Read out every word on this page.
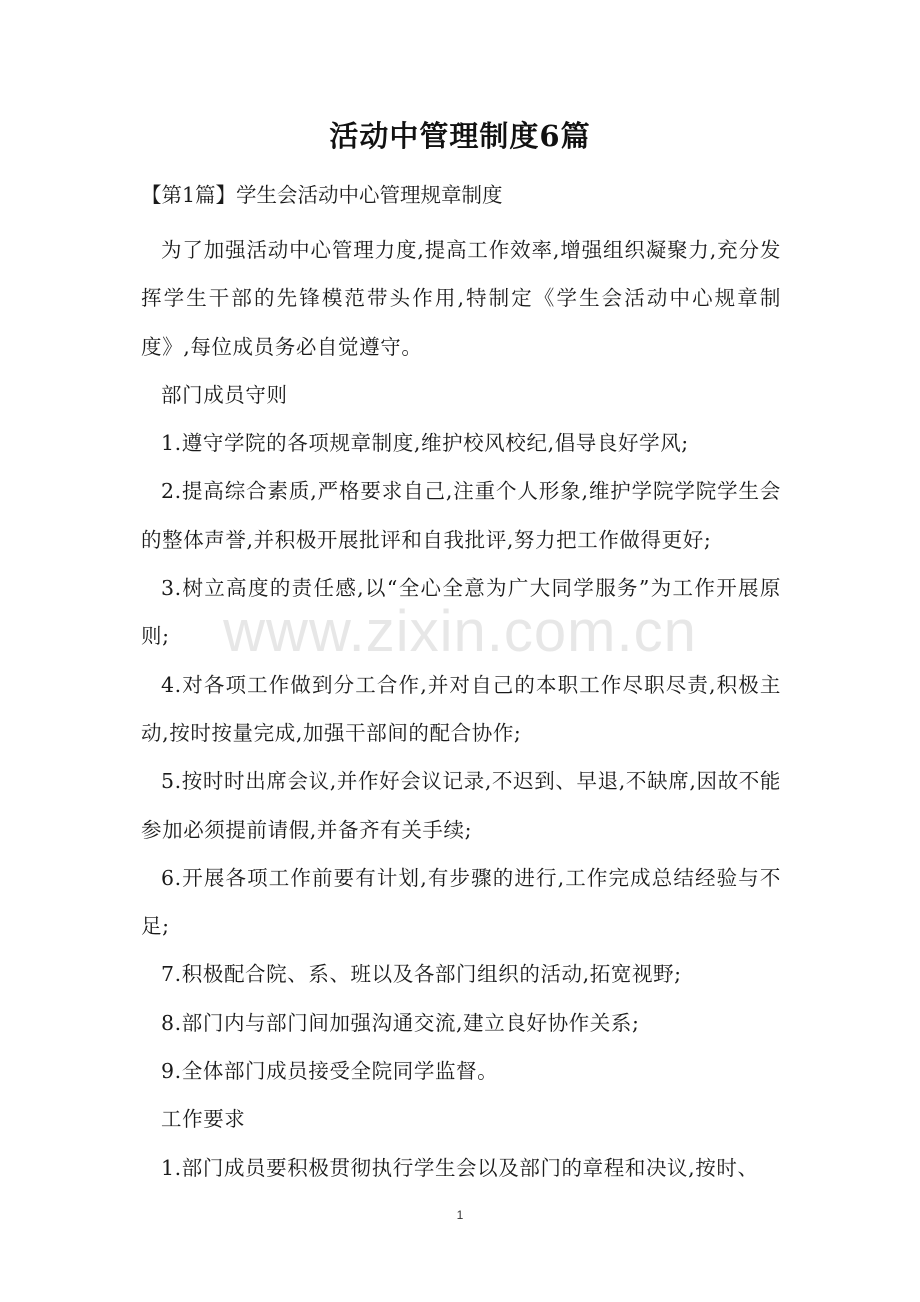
活动中管理制度6篇
【第1篇】学生会活动中心管理规章制度

为了加强活动中心管理力度,提高工作效率,增强组织凝聚力,充分发挥学生干部的先锋模范带头作用,特制定《学生会活动中心规章制度》,每位成员务必自觉遵守。

部门成员守则

1.遵守学院的各项规章制度,维护校风校纪,倡导良好学风;

2.提高综合素质,严格要求自己,注重个人形象,维护学院学院学生会的整体声誉,并积极开展批评和自我批评,努力把工作做得更好;

3.树立高度的责任感,以“全心全意为广大同学服务”为工作开展原则;

4.对各项工作做到分工合作,并对自己的本职工作尽职尽责,积极主动,按时按量完成,加强干部间的配合协作;

5.按时时出席会议,并作好会议记录,不迟到、早退,不缺席,因故不能参加必须提前请假,并备齐有关手续;

6.开展各项工作前要有计划,有步骤的进行,工作完成总结经验与不足;

7.积极配合院、系、班以及各部门组织的活动,拓宽视野;

8.部门内与部门间加强沟通交流,建立良好协作关系;

9.全体部门成员接受全院同学监督。

工作要求

1.部门成员要积极贯彻执行学生会以及部门的章程和决议,按时、

www.zixin.com.cn
1
